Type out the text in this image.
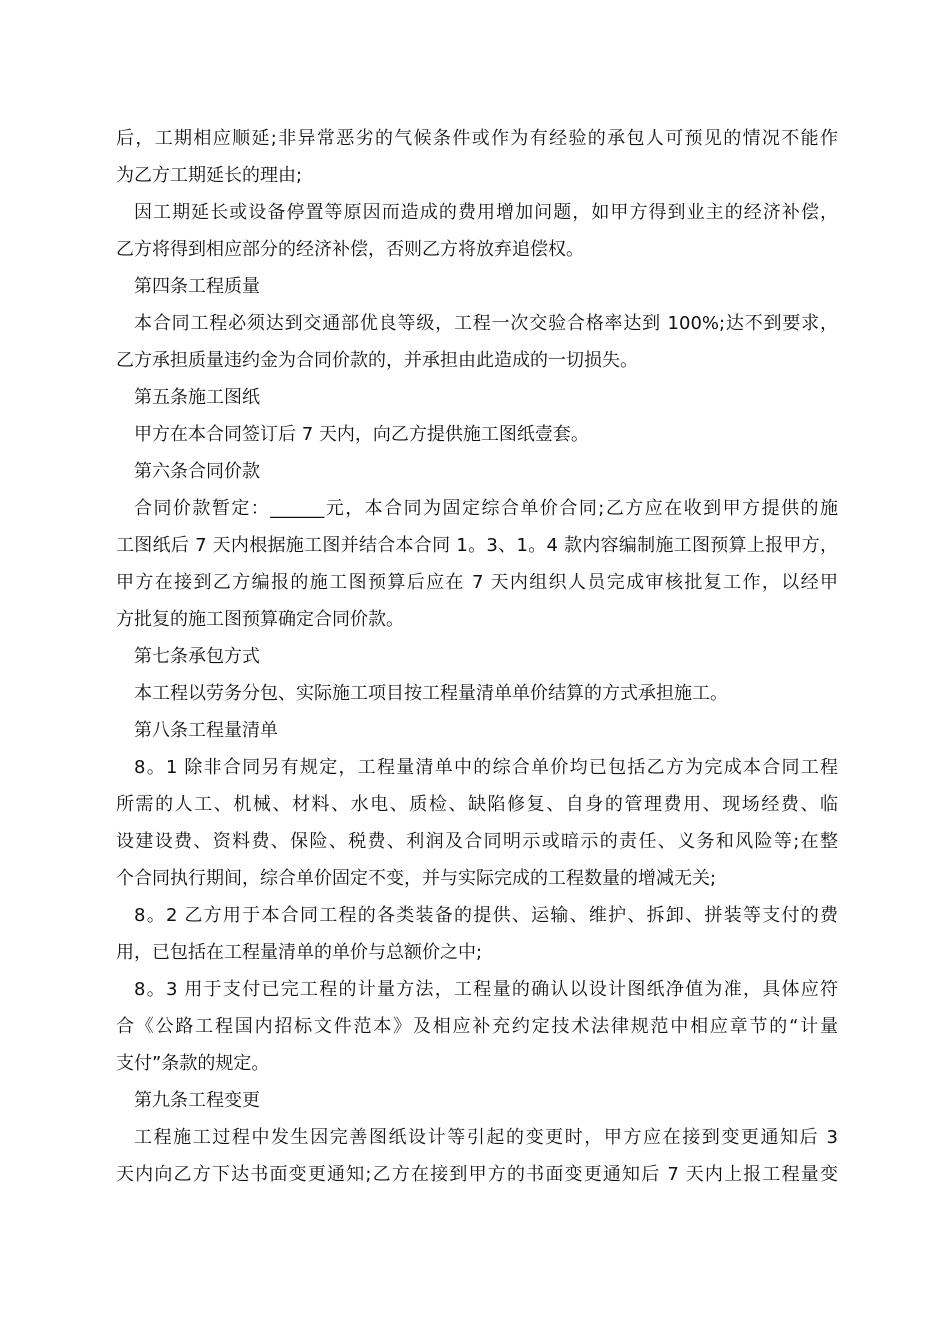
后，工期相应顺延;非异常恶劣的气候条件或作为有经验的承包人可预见的情况不能作
为乙方工期延长的理由;
因工期延长或设备停置等原因而造成的费用增加问题，如甲方得到业主的经济补偿，
乙方将得到相应部分的经济补偿，否则乙方将放弃追偿权。
第四条工程质量
本合同工程必须达到交通部优良等级，工程一次交验合格率达到 100%;达不到要求，
乙方承担质量违约金为合同价款的，并承担由此造成的一切损失。
第五条施工图纸
甲方在本合同签订后 7 天内，向乙方提供施工图纸壹套。
第六条合同价款
合同价款暂定：______元，本合同为固定综合单价合同;乙方应在收到甲方提供的施
工图纸后 7 天内根据施工图并结合本合同 1。3、1。4 款内容编制施工图预算上报甲方，
甲方在接到乙方编报的施工图预算后应在 7 天内组织人员完成审核批复工作，以经甲
方批复的施工图预算确定合同价款。
第七条承包方式
本工程以劳务分包、实际施工项目按工程量清单单价结算的方式承担施工。
第八条工程量清单
8。1 除非合同另有规定，工程量清单中的综合单价均已包括乙方为完成本合同工程
所需的人工、机械、材料、水电、质检、缺陷修复、自身的管理费用、现场经费、临
设建设费、资料费、保险、税费、利润及合同明示或暗示的责任、义务和风险等;在整
个合同执行期间，综合单价固定不变，并与实际完成的工程数量的增减无关;
8。2 乙方用于本合同工程的各类装备的提供、运输、维护、拆卸、拼装等支付的费
用，已包括在工程量清单的单价与总额价之中;
8。3 用于支付已完工程的计量方法，工程量的确认以设计图纸净值为准，具体应符
合《公路工程国内招标文件范本》及相应补充约定技术法律规范中相应章节的“计量
支付”条款的规定。
第九条工程变更
工程施工过程中发生因完善图纸设计等引起的变更时，甲方应在接到变更通知后 3
天内向乙方下达书面变更通知;乙方在接到甲方的书面变更通知后 7 天内上报工程量变
